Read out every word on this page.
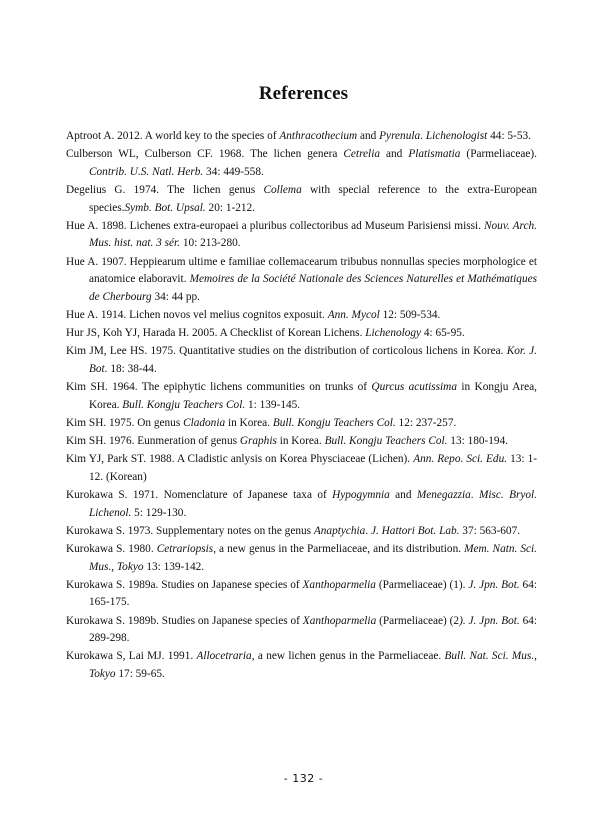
References
Aptroot A. 2012. A world key to the species of Anthracothecium and Pyrenula. Lichenologist 44: 5-53.
Culberson WL, Culberson CF. 1968. The lichen genera Cetrelia and Platismatia (Parmeliaceae). Contrib. U.S. Natl. Herb. 34: 449-558.
Degelius G. 1974. The lichen genus Collema with special reference to the extra-European species.Symb. Bot. Upsal. 20: 1-212.
Hue A. 1898. Lichenes extra-europaei a pluribus collectoribus ad Museum Parisiensi missi. Nouv. Arch. Mus. hist. nat. 3 sér. 10: 213-280.
Hue A. 1907. Heppiearum ultime e familiae collemacearum tribubus nonnullas species morphologice et anatomice elaboravit. Memoires de la Société Nationale des Sciences Naturelles et Mathématiques de Cherbourg 34: 44 pp.
Hue A. 1914. Lichen novos vel melius cognitos exposuit. Ann. Mycol 12: 509-534.
Hur JS, Koh YJ, Harada H. 2005. A Checklist of Korean Lichens. Lichenology 4: 65-95.
Kim JM, Lee HS. 1975. Quantitative studies on the distribution of corticolous lichens in Korea. Kor. J. Bot. 18: 38-44.
Kim SH. 1964. The epiphytic lichens communities on trunks of Qurcus acutissima in Kongju Area, Korea. Bull. Kongju Teachers Col. 1: 139-145.
Kim SH. 1975. On genus Cladonia in Korea. Bull. Kongju Teachers Col. 12: 237-257.
Kim SH. 1976. Eunmeration of genus Graphis in Korea. Bull. Kongju Teachers Col. 13: 180-194.
Kim YJ, Park ST. 1988. A Cladistic anlysis on Korea Physciaceae (Lichen). Ann. Repo. Sci. Edu. 13: 1-12. (Korean)
Kurokawa S. 1971. Nomenclature of Japanese taxa of Hypogymnia and Menegazzia. Misc. Bryol. Lichenol. 5: 129-130.
Kurokawa S. 1973. Supplementary notes on the genus Anaptychia. J. Hattori Bot. Lab. 37: 563-607.
Kurokawa S. 1980. Cetrariopsis, a new genus in the Parmeliaceae, and its distribution. Mem. Natn. Sci. Mus., Tokyo 13: 139-142.
Kurokawa S. 1989a. Studies on Japanese species of Xanthoparmelia (Parmeliaceae) (1). J. Jpn. Bot. 64: 165-175.
Kurokawa S. 1989b. Studies on Japanese species of Xanthoparmelia (Parmeliaceae) (2). J. Jpn. Bot. 64: 289-298.
Kurokawa S, Lai MJ. 1991. Allocetraria, a new lichen genus in the Parmeliaceae. Bull. Nat. Sci. Mus., Tokyo 17: 59-65.
- 132 -
